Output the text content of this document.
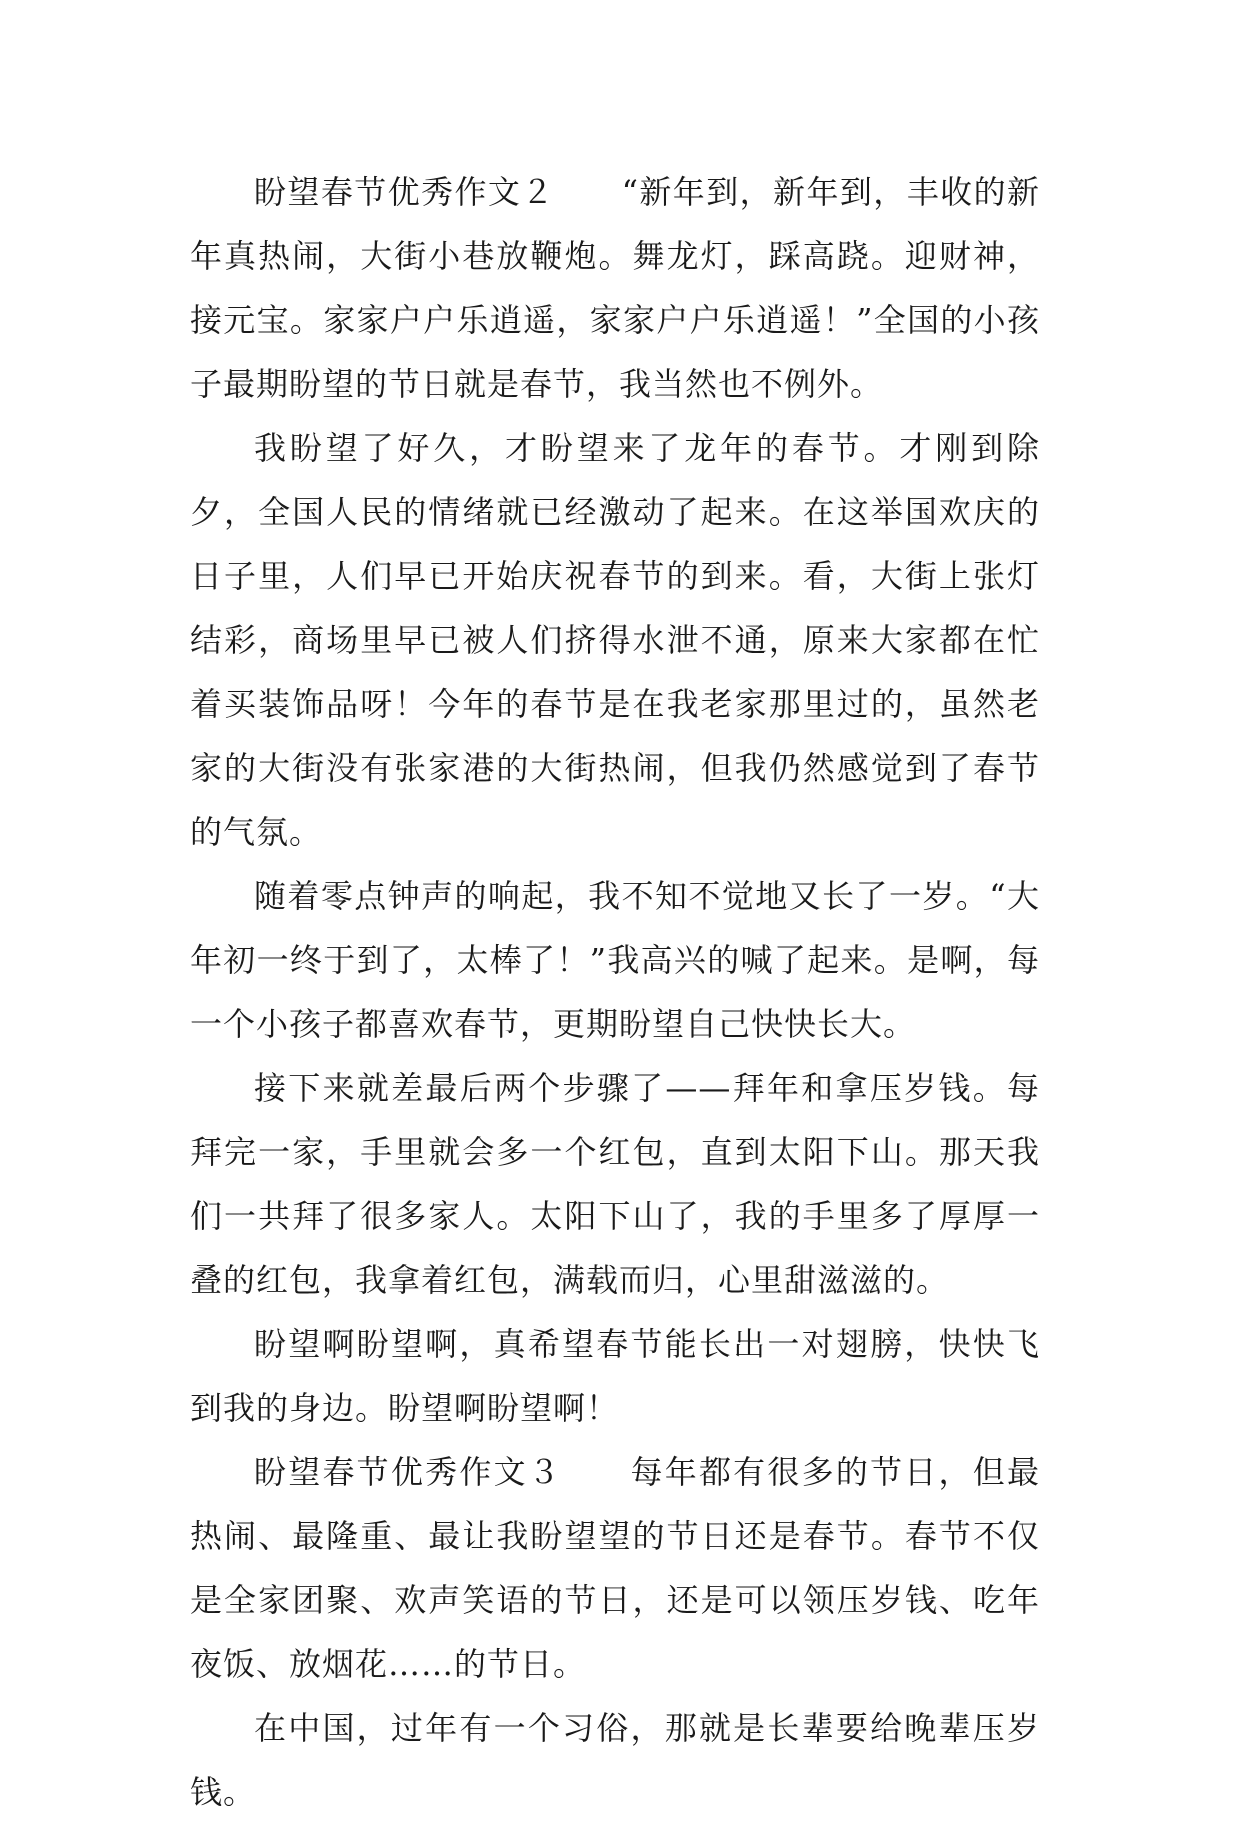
盼望春节优秀作文２　　“新年到，新年到，丰收的新年真热闹，大街小巷放鞭炮。舞龙灯，踩高跷。迎财神，接元宝。家家户户乐逍遥，家家户户乐逍遥！”全国的小孩子最期盼望的节日就是春节，我当然也不例外。

我盼望了好久，才盼望来了龙年的春节。才刚到除夕，全国人民的情绪就已经激动了起来。在这举国欢庆的日子里，人们早已开始庆祝春节的到来。看，大街上张灯结彩，商场里早已被人们挤得水泄不通，原来大家都在忙着买装饰品呀！今年的春节是在我老家那里过的，虽然老家的大街没有张家港的大街热闹，但我仍然感觉到了春节的气氛。

随着零点钟声的响起，我不知不觉地又长了一岁。“大年初一终于到了，太棒了！”我高兴的喊了起来。是啊，每一个小孩子都喜欢春节，更期盼望自己快快长大。

接下来就差最后两个步骤了——拜年和拿压岁钱。每拜完一家，手里就会多一个红包，直到太阳下山。那天我们一共拜了很多家人。太阳下山了，我的手里多了厚厚一叠的红包，我拿着红包，满载而归，心里甜滋滋的。

盼望啊盼望啊，真希望春节能长出一对翅膀，快快飞到我的身边。盼望啊盼望啊！

盼望春节优秀作文３　　每年都有很多的节日，但最热闹、最隆重、最让我盼望望的节日还是春节。春节不仅是全家团聚、欢声笑语的节日，还是可以领压岁钱、吃年夜饭、放烟花……的节日。

在中国，过年有一个习俗，那就是长辈要给晚辈压岁钱。
